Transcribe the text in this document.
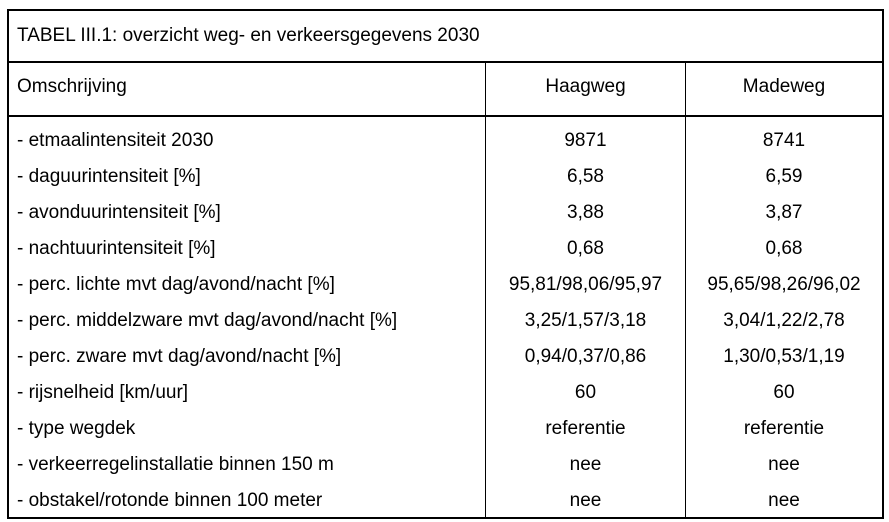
TABEL III.1: overzicht weg- en verkeersgegevens 2030
Omschrijving	Haagweg	Madeweg
- etmaalintensiteit 2030	9871	8741
- daguurintensiteit [%]	6,58	6,59
- avonduurintensiteit [%]	3,88	3,87
- nachtuurintensiteit [%]	0,68	0,68
- perc. lichte mvt dag/avond/nacht [%]	95,81/98,06/95,97	95,65/98,26/96,02
- perc. middelzware mvt dag/avond/nacht [%]	3,25/1,57/3,18	3,04/1,22/2,78
- perc. zware mvt dag/avond/nacht [%]	0,94/0,37/0,86	1,30/0,53/1,19
- rijsnelheid [km/uur]	60	60
- type wegdek	referentie	referentie
- verkeerregelinstallatie binnen 150 m	nee	nee
- obstakel/rotonde binnen 100 meter	nee	nee
